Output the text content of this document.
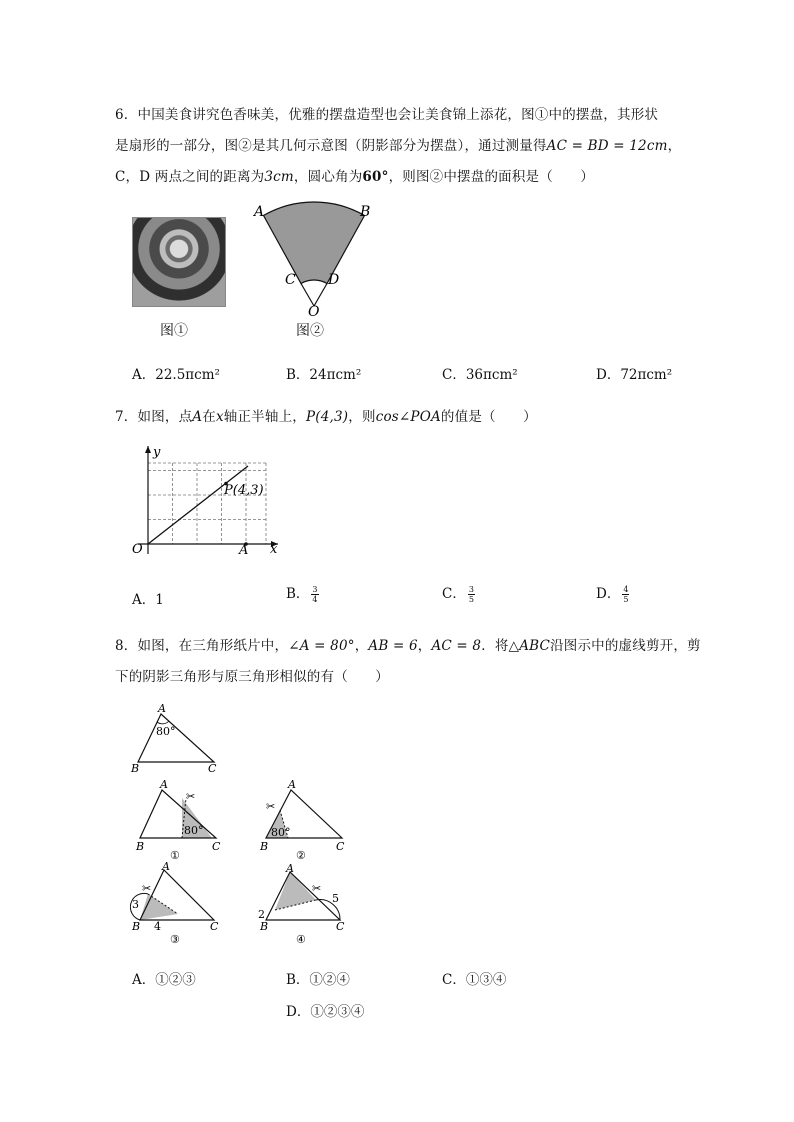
6．中国美食讲究色香味美，优雅的摆盘造型也会让美食锦上添花，图①中的摆盘，其形状
是扇形的一部分，图②是其几何示意图（阴影部分为摆盘），通过测量得AC = BD = 12cm，
C，D 两点之间的距离为3cm，圆心角为60°，则图②中摆盘的面积是（　　）
图①
A	B
C D
O
图②
A．22.5πcm²	B．24πcm²	C．36πcm²	D．72πcm²
7．如图，点A在x轴正半轴上，P(4,3)，则cos∠POA的值是（　　）
y
x
O	A
P(4,3)
A．1	B． $\frac{3}{4}$	C． $\frac{3}{5}$	D． $\frac{4}{5}$
8．如图，在三角形纸片中，∠A = 80°，AB = 6，AC = 8．将△ABC沿图示中的虚线剪开，剪
下的阴影三角形与原三角形相似的有（　　）
A
80°
B	C
✂
A
80°
B	C
①
✂
A
80°
B	C
②
✂
A
3
B 4	C
③
✂
A
2
5
B	C
④
A．①②③	B．①②④	C．①③④
D．①②③④
